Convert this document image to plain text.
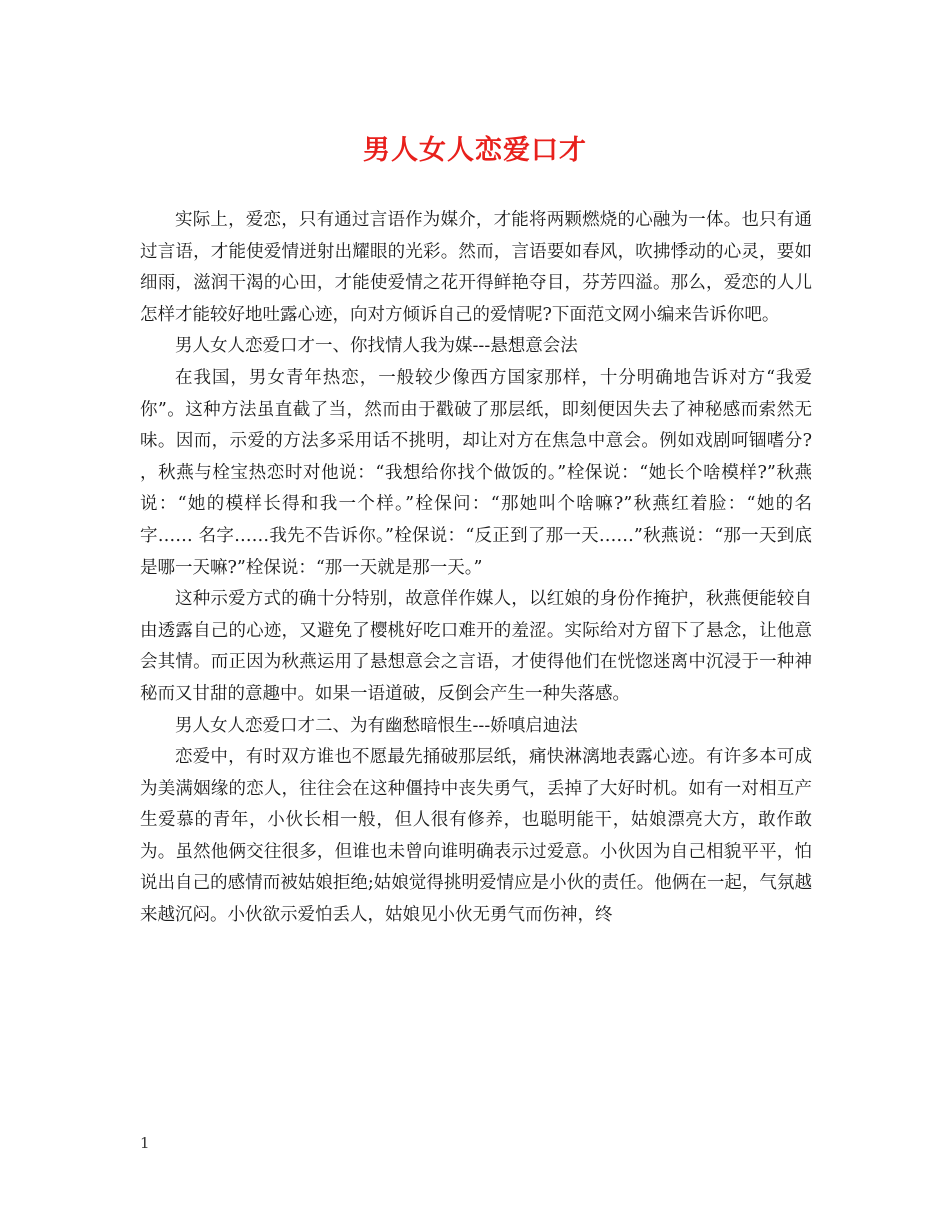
男人女人恋爱口才

实际上，爱恋，只有通过言语作为媒介，才能将两颗燃烧的心融为一体。也只有通过言语，才能使爱情迸射出耀眼的光彩。然而，言语要如春风，吹拂悸动的心灵，要如细雨，滋润干渴的心田，才能使爱情之花开得鲜艳夺目，芬芳四溢。那么，爱恋的人儿怎样才能较好地吐露心迹，向对方倾诉自己的爱情呢?下面范文网小编来告诉你吧。

男人女人恋爱口才一、你找情人我为媒---悬想意会法

在我国，男女青年热恋，一般较少像西方国家那样，十分明确地告诉对方“我爱你”。这种方法虽直截了当，然而由于戳破了那层纸，即刻便因失去了神秘感而索然无味。因而，示爱的方法多采用话不挑明，却让对方在焦急中意会。例如戏剧呵锢嗜分? ，秋燕与栓宝热恋时对他说：“我想给你找个做饭的。”栓保说：“她长个啥模样?”秋燕说：“她的模样长得和我一个样。”栓保问：“那她叫个啥嘛?”秋燕红着脸：“她的名字…… 名字……我先不告诉你。”栓保说：“反正到了那一天……”秋燕说：“那一天到底是哪一天嘛?”栓保说：“那一天就是那一天。”

这种示爱方式的确十分特别，故意佯作媒人，以红娘的身份作掩护，秋燕便能较自由透露自己的心迹，又避免了樱桃好吃口难开的羞涩。实际给对方留下了悬念，让他意会其情。而正因为秋燕运用了悬想意会之言语，才使得他们在恍惚迷离中沉浸于一种神秘而又甘甜的意趣中。如果一语道破，反倒会产生一种失落感。

男人女人恋爱口才二、为有幽愁暗恨生---娇嗔启迪法

恋爱中，有时双方谁也不愿最先捅破那层纸，痛快淋漓地表露心迹。有许多本可成为美满姻缘的恋人，往往会在这种僵持中丧失勇气，丢掉了大好时机。如有一对相互产生爱慕的青年，小伙长相一般，但人很有修养，也聪明能干，姑娘漂亮大方，敢作敢为。虽然他俩交往很多，但谁也未曾向谁明确表示过爱意。小伙因为自己相貌平平，怕说出自己的感情而被姑娘拒绝;姑娘觉得挑明爱情应是小伙的责任。他俩在一起，气氛越来越沉闷。小伙欲示爱怕丢人，姑娘见小伙无勇气而伤神，终

1
